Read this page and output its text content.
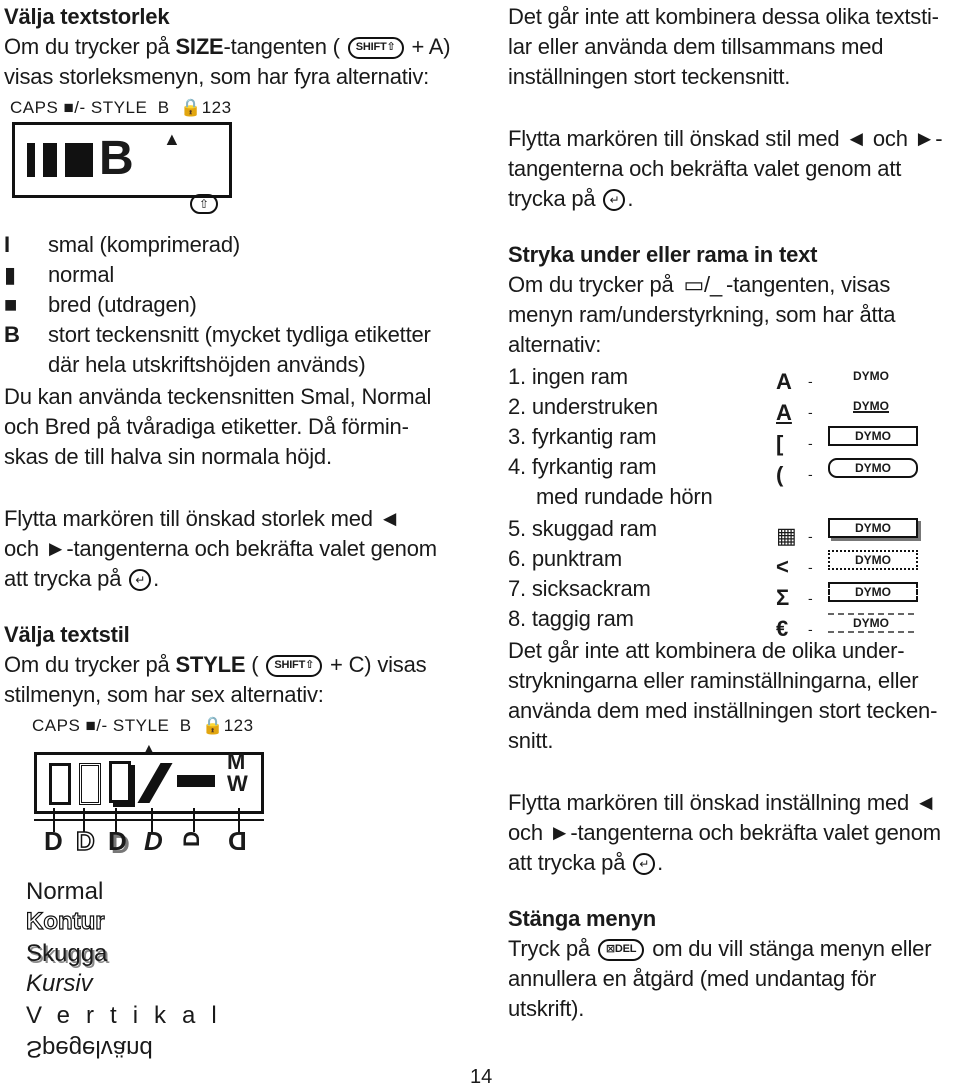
Välja textstorlek
Om du trycker på SIZE-tangenten ( SHIFT⇧ + A)
visas storleksmenyn, som har fyra alternativ:
CAPS ■/- STYLE B 🔒123
B ▲
⇧
I smal (komprimerad)
▮ normal
■ bred (utdragen)
B stort teckensnitt (mycket tydliga etiketter
där hela utskriftshöjden används)
Du kan använda teckensnitten Smal, Normal
och Bred på tvåradiga etiketter. Då förmin-
skas de till halva sin normala höjd.
Flytta markören till önskad storlek med ◄
och ►-tangenterna och bekräfta valet genom
att trycka på ↵ .
Välja textstil
Om du trycker på STYLE ( SHIFT⇧ + C) visas
stilmenyn, som har sex alternativ:
CAPS ■/- STYLE B 🔒123
▲
M
W
D D D D D D
Normal
Kontur
Skugga
Kursiv
Vertikal
Spegelvänd
Det går inte att kombinera dessa olika textsti-
lar eller använda dem tillsammans med
inställningen stort teckensnitt.
Flytta markören till önskad stil med ◄ och ►-
tangenterna och bekräfta valet genom att
trycka på ↵ .
Stryka under eller rama in text
Om du trycker på ▭/_ -tangenten, visas
menyn ram/understyrkning, som har åtta
alternativ:
1. ingen ram
2. understruken
3. fyrkantig ram
4. fyrkantig ram
med rundade hörn
5. skuggad ram
6. punktram
7. sicksackram
8. taggig ram
A
A
[
(
▦
<
Σ
€
-
-
-
-

-
-
-
-
DYMO
DYMO
DYMO
DYMO
DYMO
DYMO
DYMO
DYMO
Det går inte att kombinera de olika under-
strykningarna eller raminställningarna, eller
använda dem med inställningen stort tecken-
snitt.
Flytta markören till önskad inställning med ◄
och ►-tangenterna och bekräfta valet genom
att trycka på ↵ .
Stänga menyn
Tryck på ⊠DEL om du vill stänga menyn eller
annullera en åtgärd (med undantag för
utskrift).
14
